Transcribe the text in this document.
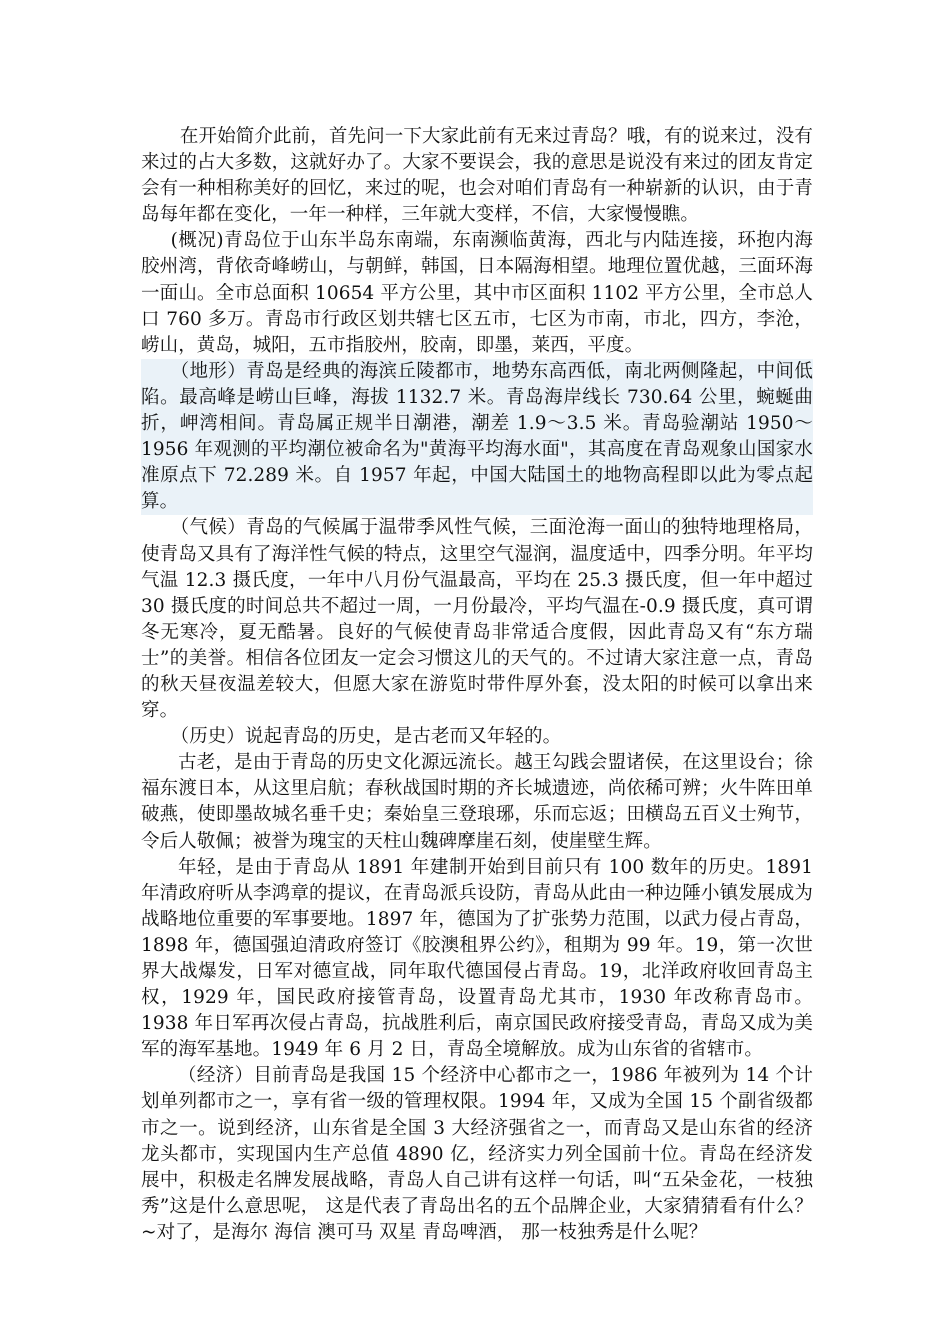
在开始简介此前，首先问一下大家此前有无来过青岛？哦，有的说来过，没有来过的占大多数，这就好办了。大家不要误会，我的意思是说没有来过的团友肯定会有一种相称美好的回忆，来过的呢，也会对咱们青岛有一种崭新的认识，由于青岛每年都在变化，一年一种样，三年就大变样，不信，大家慢慢瞧。

(概况)青岛位于山东半岛东南端，东南濒临黄海，西北与内陆连接，环抱内海胶州湾，背依奇峰崂山，与朝鲜，韩国，日本隔海相望。地理位置优越，三面环海一面山。全市总面积 10654 平方公里，其中市区面积 1102 平方公里，全市总人口 760 多万。青岛市行政区划共辖七区五市，七区为市南，市北，四方，李沧，崂山，黄岛，城阳，五市指胶州，胶南，即墨，莱西，平度。

（地形）青岛是经典的海滨丘陵都市，地势东高西低，南北两侧隆起，中间低陷。最高峰是崂山巨峰，海拔 1132.7 米。青岛海岸线长 730.64 公里，蜿蜒曲折，岬湾相间。青岛属正规半日潮港，潮差 1.9～3.5 米。青岛验潮站 1950～1956 年观测的平均潮位被命名为"黄海平均海水面"，其高度在青岛观象山国家水准原点下 72.289 米。自 1957 年起，中国大陆国土的地物高程即以此为零点起算。

（气候）青岛的气候属于温带季风性气候，三面沧海一面山的独特地理格局，使青岛又具有了海洋性气候的特点，这里空气湿润，温度适中，四季分明。年平均气温 12.3 摄氏度，一年中八月份气温最高，平均在 25.3 摄氏度，但一年中超过 30 摄氏度的时间总共不超过一周，一月份最冷，平均气温在-0.9 摄氏度，真可谓冬无寒冷，夏无酷暑。良好的气候使青岛非常适合度假，因此青岛又有“东方瑞士”的美誉。相信各位团友一定会习惯这儿的天气的。不过请大家注意一点，青岛的秋天昼夜温差较大，但愿大家在游览时带件厚外套，没太阳的时候可以拿出来穿。

（历史）说起青岛的历史，是古老而又年轻的。

古老，是由于青岛的历史文化源远流长。越王勾践会盟诸侯，在这里设台；徐福东渡日本，从这里启航；春秋战国时期的齐长城遗迹，尚依稀可辨；火牛阵田单破燕，使即墨故城名垂千史；秦始皇三登琅琊，乐而忘返；田横岛五百义士殉节，令后人敬佩；被誉为瑰宝的天柱山魏碑摩崖石刻，使崖壁生辉。

年轻，是由于青岛从 1891 年建制开始到目前只有 100 数年的历史。1891 年清政府听从李鸿章的提议，在青岛派兵设防，青岛从此由一种边陲小镇发展成为战略地位重要的军事要地。1897 年，德国为了扩张势力范围，以武力侵占青岛，1898 年，德国强迫清政府签订《胶澳租界公约》，租期为 99 年。19，第一次世界大战爆发，日军对德宣战，同年取代德国侵占青岛。19，北洋政府收回青岛主权，1929 年，国民政府接管青岛，设置青岛尤其市，1930 年改称青岛市。1938 年日军再次侵占青岛，抗战胜利后，南京国民政府接受青岛，青岛又成为美军的海军基地。1949 年 6 月 2 日，青岛全境解放。成为山东省的省辖市。

（经济）目前青岛是我国 15 个经济中心都市之一，1986 年被列为 14 个计划单列都市之一，享有省一级的管理权限。1994 年，又成为全国 15 个副省级都市之一。说到经济，山东省是全国 3 大经济强省之一，而青岛又是山东省的经济龙头都市，实现国内生产总值 4890 亿，经济实力列全国前十位。青岛在经济发展中，积极走名牌发展战略，青岛人自己讲有这样一句话，叫“五朵金花，一枝独秀”这是什么意思呢， 这是代表了青岛出名的五个品牌企业，大家猜猜看有什么？~对了，是海尔 海信 澳可马 双星 青岛啤酒， 那一枝独秀是什么呢？
